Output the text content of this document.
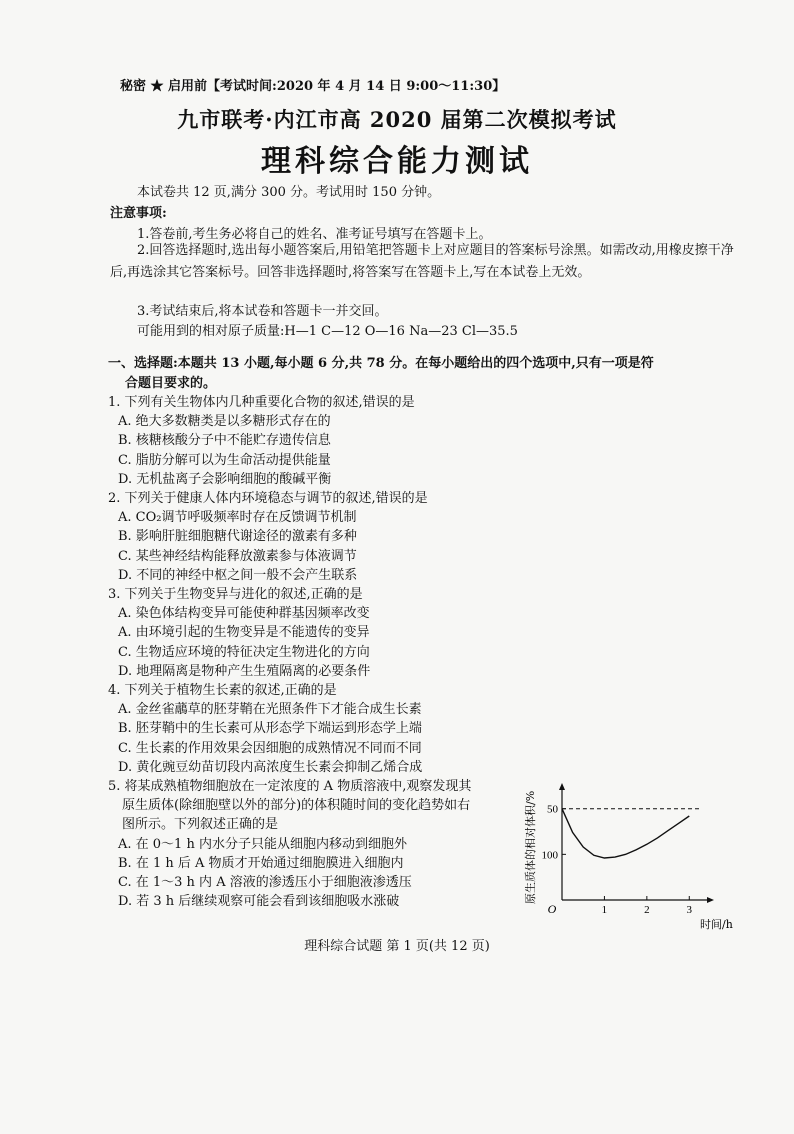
秘密 ★ 启用前【考试时间:2020 年 4 月 14 日 9:00～11:30】
九市联考·内江市高 2020 届第二次模拟考试
理科综合能力测试
本试卷共 12 页,满分 300 分。考试用时 150 分钟。
注意事项:
1.答卷前,考生务必将自己的姓名、准考证号填写在答题卡上。
2.回答选择题时,选出每小题答案后,用铅笔把答题卡上对应题目的答案标号涂黑。如需改动,用橡皮擦干净后,再选涂其它答案标号。回答非选择题时,将答案写在答题卡上,写在本试卷上无效。
3.考试结束后,将本试卷和答题卡一并交回。
可能用到的相对原子质量:H—1 C—12 O—16 Na—23 Cl—35.5
一、选择题:本题共 13 小题,每小题 6 分,共 78 分。在每小题给出的四个选项中,只有一项是符
合题目要求的。
1. 下列有关生物体内几种重要化合物的叙述,错误的是
A. 绝大多数糖类是以多糖形式存在的
B. 核糖核酸分子中不能贮存遗传信息
C. 脂肪分解可以为生命活动提供能量
D. 无机盐离子会影响细胞的酸碱平衡
2. 下列关于健康人体内环境稳态与调节的叙述,错误的是
A. CO₂调节呼吸频率时存在反馈调节机制
B. 影响肝脏细胞糖代谢途径的激素有多种
C. 某些神经结构能释放激素参与体液调节
D. 不同的神经中枢之间一般不会产生联系
3. 下列关于生物变异与进化的叙述,正确的是
A. 染色体结构变异可能使种群基因频率改变
A. 由环境引起的生物变异是不能遗传的变异
C. 生物适应环境的特征决定生物进化的方向
D. 地理隔离是物种产生生殖隔离的必要条件
4. 下列关于植物生长素的叙述,正确的是
A. 金丝雀虉草的胚芽鞘在光照条件下才能合成生长素
B. 胚芽鞘中的生长素可从形态学下端运到形态学上端
C. 生长素的作用效果会因细胞的成熟情况不同而不同
D. 黄化豌豆幼苗切段内高浓度生长素会抑制乙烯合成
5. 将某成熟植物细胞放在一定浓度的 A 物质溶液中,观察发现其
原生质体(除细胞壁以外的部分)的体积随时间的变化趋势如右
图所示。下列叙述正确的是
A. 在 0～1 h 内水分子只能从细胞内移动到细胞外
B. 在 1 h 后 A 物质才开始通过细胞膜进入细胞内
C. 在 1～3 h 内 A 溶液的渗透压小于细胞液渗透压
D. 若 3 h 后继续观察可能会看到该细胞吸水涨破
100
50
1	2	3
O
时间/h
原生质体的相对体积/%
理科综合试题 第 1 页(共 12 页)
